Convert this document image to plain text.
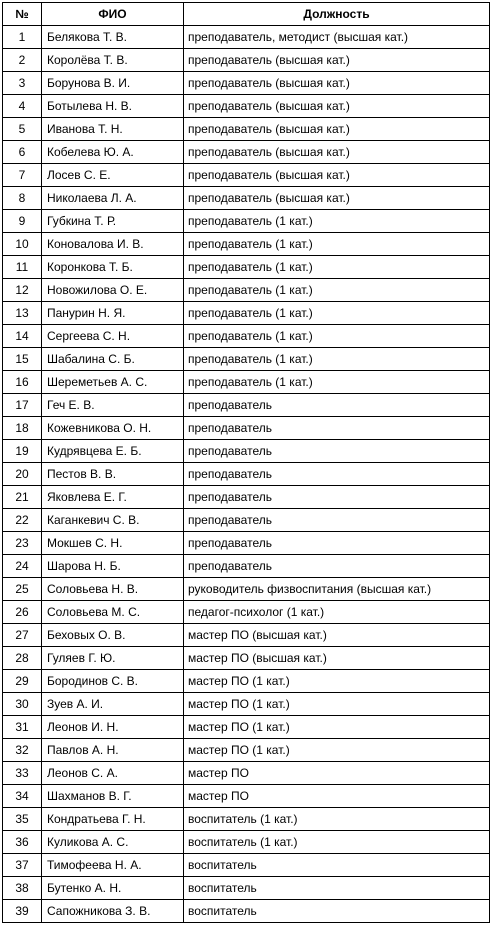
№	ФИО	Должность
1	Белякова Т. В.	преподаватель, методист (высшая кат.)
2	Королёва Т. В.	преподаватель (высшая кат.)
3	Борунова В. И.	преподаватель (высшая кат.)
4	Ботылева Н. В.	преподаватель (высшая кат.)
5	Иванова Т. Н.	преподаватель (высшая кат.)
6	Кобелева Ю. А.	преподаватель (высшая кат.)
7	Лосев С. Е.	преподаватель (высшая кат.)
8	Николаева Л. А.	преподаватель (высшая кат.)
9	Губкина Т. Р.	преподаватель (1 кат.)
10	Коновалова И. В.	преподаватель (1 кат.)
11	Коронкова Т. Б.	преподаватель (1 кат.)
12	Новожилова О. Е.	преподаватель (1 кат.)
13	Панурин Н. Я.	преподаватель (1 кат.)
14	Сергеева С. Н.	преподаватель (1 кат.)
15	Шабалина С. Б.	преподаватель (1 кат.)
16	Шереметьев А. С.	преподаватель (1 кат.)
17	Геч Е. В.	преподаватель
18	Кожевникова О. Н.	преподаватель
19	Кудрявцева Е. Б.	преподаватель
20	Пестов В. В.	преподаватель
21	Яковлева Е. Г.	преподаватель
22	Каганкевич С. В.	преподаватель
23	Мокшев С. Н.	преподаватель
24	Шарова Н. Б.	преподаватель
25	Соловьева Н. В.	руководитель физвоспитания (высшая кат.)
26	Соловьева М. С.	педагог-психолог (1 кат.)
27	Беховых О. В.	мастер ПО (высшая кат.)
28	Гуляев Г. Ю.	мастер ПО (высшая кат.)
29	Бородинов С. В.	мастер ПО (1 кат.)
30	Зуев А. И.	мастер ПО (1 кат.)
31	Леонов И. Н.	мастер ПО (1 кат.)
32	Павлов А. Н.	мастер ПО (1 кат.)
33	Леонов С. А.	мастер ПО
34	Шахманов В. Г.	мастер ПО
35	Кондратьева Г. Н.	воспитатель (1 кат.)
36	Куликова А. С.	воспитатель (1 кат.)
37	Тимофеева Н. А.	воспитатель
38	Бутенко А. Н.	воспитатель
39	Сапожникова З. В.	воспитатель
